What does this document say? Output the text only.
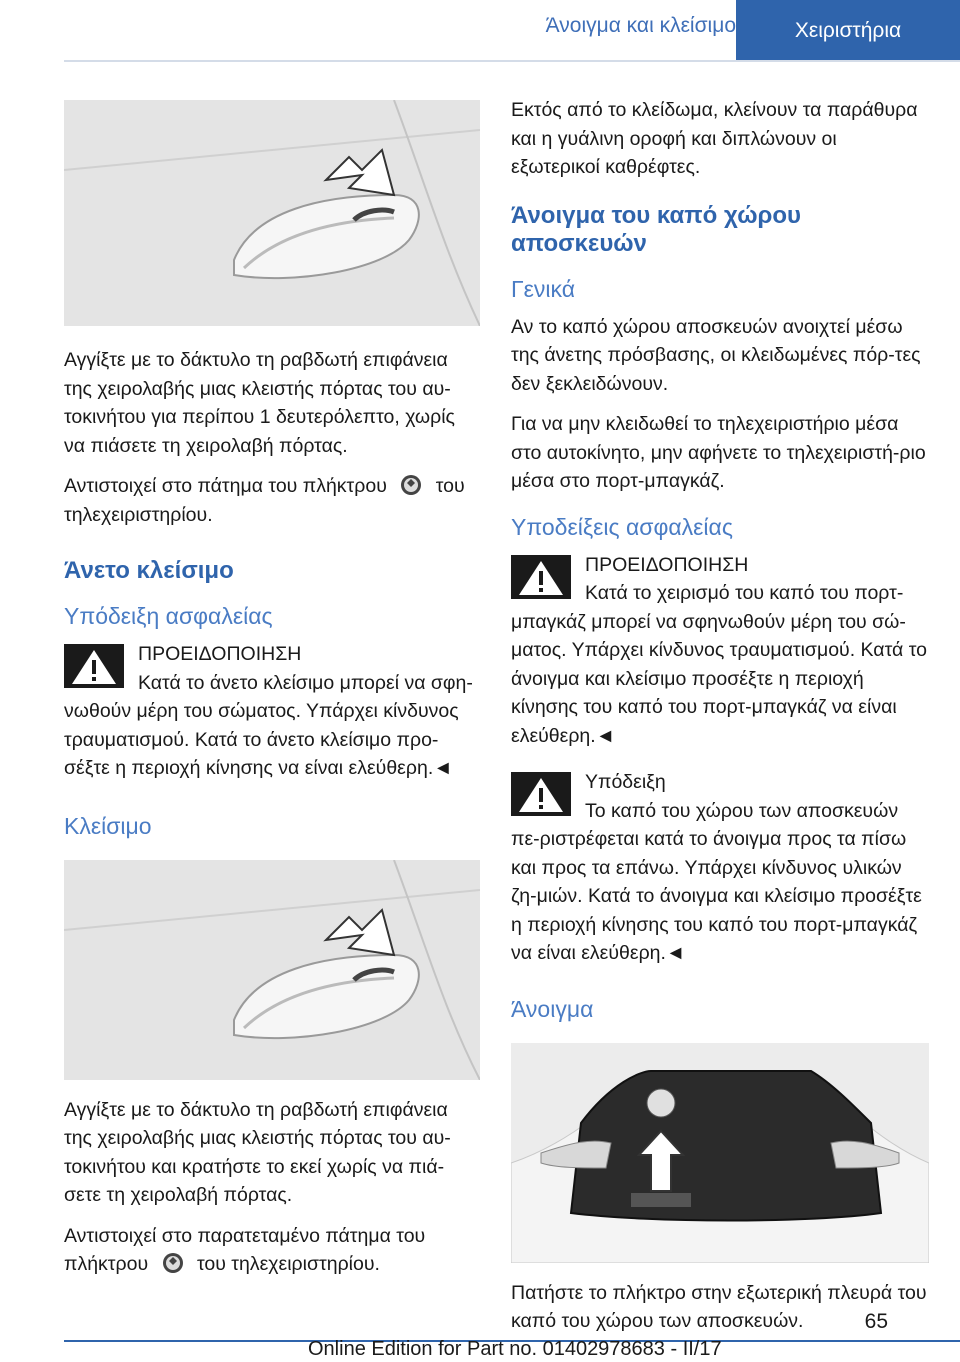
Άνοιγμα και κλείσιμο	Χειριστήρια

Αγγίξτε με το δάκτυλο τη ραβδωτή επιφάνεια της χειρολαβής μιας κλειστής πόρτας του αυ-τοκινήτου για περίπου 1 δευτερόλεπτο, χωρίς να πιάσετε τη χειρολαβή πόρτας.

Αντιστοιχεί στο πάτημα του πλήκτρου	του τηλεχειριστηρίου.

Άνετο κλείσιμο
Υπόδειξη ασφαλείας
ΠΡΟΕΙΔΟΠΟΙΗΣΗ
Κατά το άνετο κλείσιμο μπορεί να σφη-νωθούν μέρη του σώματος. Υπάρχει κίνδυνος τραυματισμού. Κατά το άνετο κλείσιμο προ-σέξτε η περιοχή κίνησης να είναι ελεύθερη.◄
Κλείσιμο

Αγγίξτε με το δάκτυλο τη ραβδωτή επιφάνεια της χειρολαβής μιας κλειστής πόρτας του αυ-τοκινήτου και κρατήστε το εκεί χωρίς να πιά-σετε τη χειρολαβή πόρτας.

Αντιστοιχεί στο παρατεταμένο πάτημα του πλήκτρου	του τηλεχειριστηρίου.

Εκτός από το κλείδωμα, κλείνουν τα παράθυρα και η γυάλινη οροφή και διπλώνουν οι εξωτερικοί καθρέφτες.

Άνοιγμα του καπό χώρου αποσκευών
Γενικά

Αν το καπό χώρου αποσκευών ανοιχτεί μέσω της άνετης πρόσβασης, οι κλειδωμένες πόρ-τες δεν ξεκλειδώνουν.

Για να μην κλειδωθεί το τηλεχειριστήριο μέσα στο αυτοκίνητο, μην αφήνετε το τηλεχειριστή-ριο μέσα στο πορτ-μπαγκάζ.

Υποδείξεις ασφαλείας
ΠΡΟΕΙΔΟΠΟΙΗΣΗ
Κατά το χειρισμό του καπό του πορτ-μπαγκάζ μπορεί να σφηνωθούν μέρη του σώ-ματος. Υπάρχει κίνδυνος τραυματισμού. Κατά το άνοιγμα και κλείσιμο προσέξτε η περιοχή κίνησης του καπό του πορτ-μπαγκάζ να είναι ελεύθερη.◄
Υπόδειξη
Το καπό του χώρου των αποσκευών πε-ριστρέφεται κατά το άνοιγμα προς τα πίσω και προς τα επάνω. Υπάρχει κίνδυνος υλικών ζη-μιών. Κατά το άνοιγμα και κλείσιμο προσέξτε η περιοχή κίνησης του καπό του πορτ-μπαγκάζ να είναι ελεύθερη.◄
Άνοιγμα

Πατήστε το πλήκτρο στην εξωτερική πλευρά του καπό του χώρου των αποσκευών.	65
Online Edition for Part no. 01402978683 - II/17
